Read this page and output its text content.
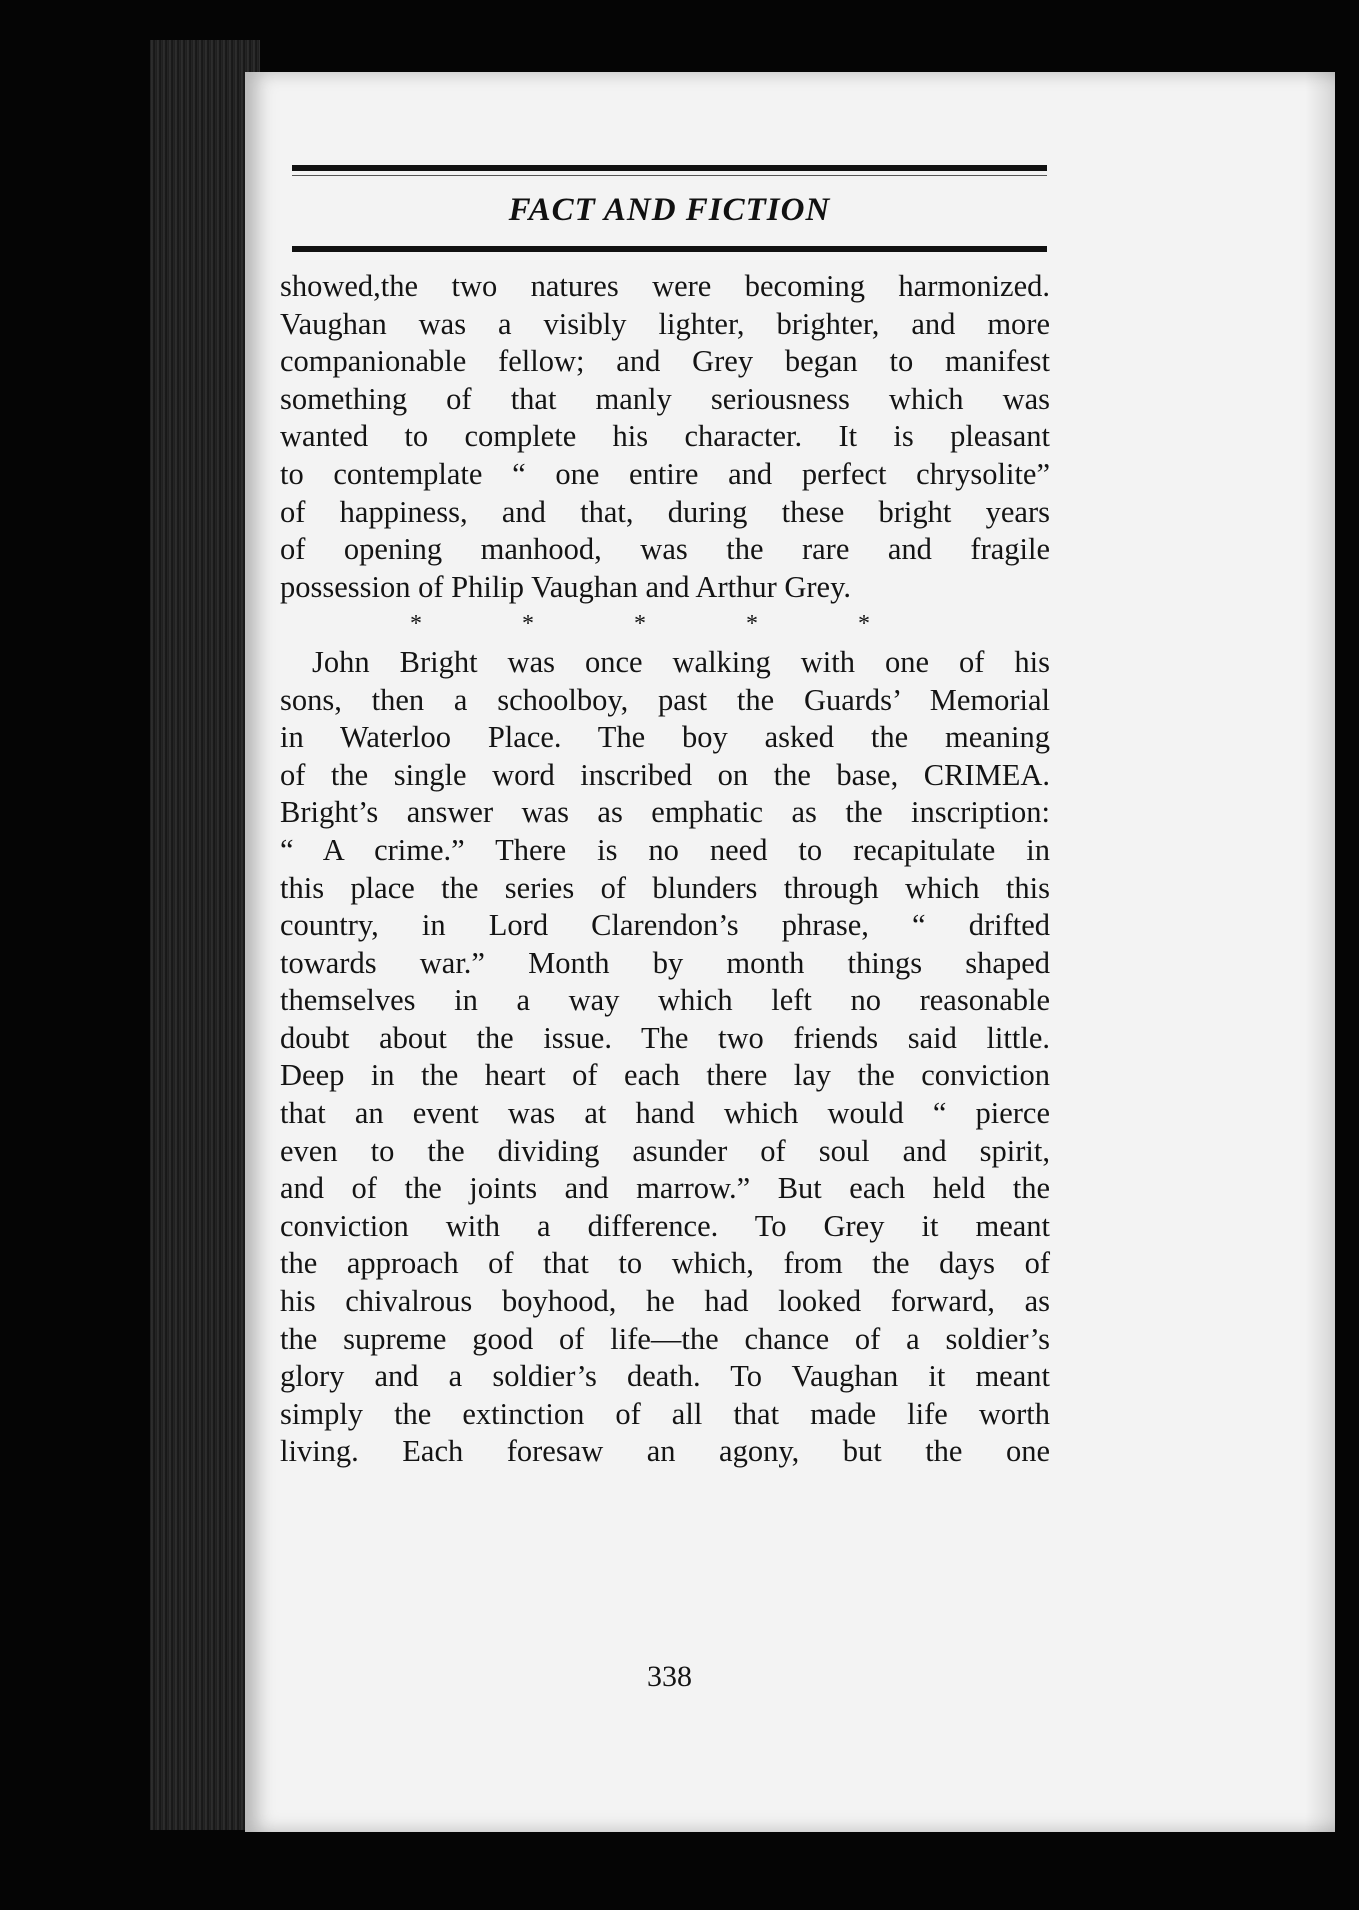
FACT AND FICTION
showed,the two natures were becoming harmonized.
Vaughan was a visibly lighter, brighter, and more
companionable fellow; and Grey began to manifest
something of that manly seriousness which was
wanted to complete his character. It is pleasant
to contemplate “ one entire and perfect chrysolite”
of happiness, and that, during these bright years
of opening manhood, was the rare and fragile
possession of Philip Vaughan and Arthur Grey.
*	*	*	*	*
John Bright was once walking with one of his
sons, then a schoolboy, past the Guards’ Memorial
in Waterloo Place. The boy asked the meaning
of the single word inscribed on the base, CRIMEA.
Bright’s answer was as emphatic as the inscription:
“ A crime.” There is no need to recapitulate in
this place the series of blunders through which this
country, in Lord Clarendon’s phrase, “ drifted
towards war.” Month by month things shaped
themselves in a way which left no reasonable
doubt about the issue. The two friends said little.
Deep in the heart of each there lay the conviction
that an event was at hand which would “ pierce
even to the dividing asunder of soul and spirit,
and of the joints and marrow.” But each held the
conviction with a difference. To Grey it meant
the approach of that to which, from the days of
his chivalrous boyhood, he had looked forward, as
the supreme good of life—the chance of a soldier’s
glory and a soldier’s death. To Vaughan it meant
simply the extinction of all that made life worth
living. Each foresaw an agony, but the one
338
